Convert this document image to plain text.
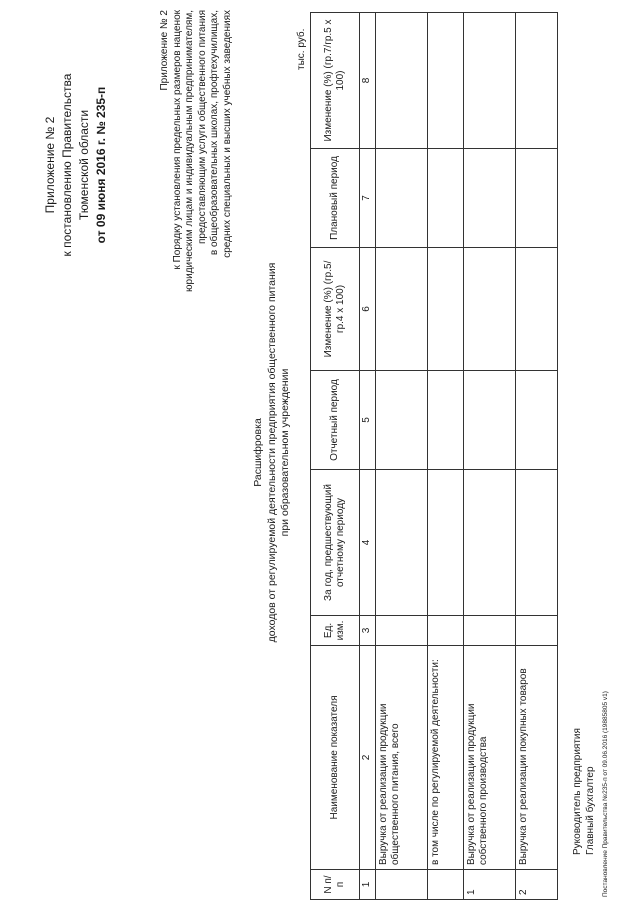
Приложение № 2 к постановлению Правительства Тюменской области от 09 июня 2016 г. № 235-п
Приложение № 2 к Порядку установления предельных размеров наценок юридическим лицам и индивидуальным предпринимателям, предоставляющим услуги общественного питания в общеобразовательных школах, профтехучилищах, средних специальных и высших учебных заведениях
Расшифровка доходов от регулируемой деятельности предприятия общественного питания при образовательном учреждении
тыс. руб.
N п/п	Наименование показателя	Ед. изм.	За год, предшествующий отчетному периоду	Отчетный период	Изменение (%) (гр.5/гр.4 х 100)	Плановый период	Изменение (%) (гр.7/гр.5 х 100)
1	2	3	4	5	6	7	8
	Выручка от реализации продукции общественного питания, всего						
	в том числе по регулируемой деятельности:						
1	Выручка от реализации продукции собственного производства						
2	Выручка от реализации покупных товаров							Руководитель предприятия Главный бухгалтер Постановление Правительства №235-п от 09.06.2016 (19885805 v1)
